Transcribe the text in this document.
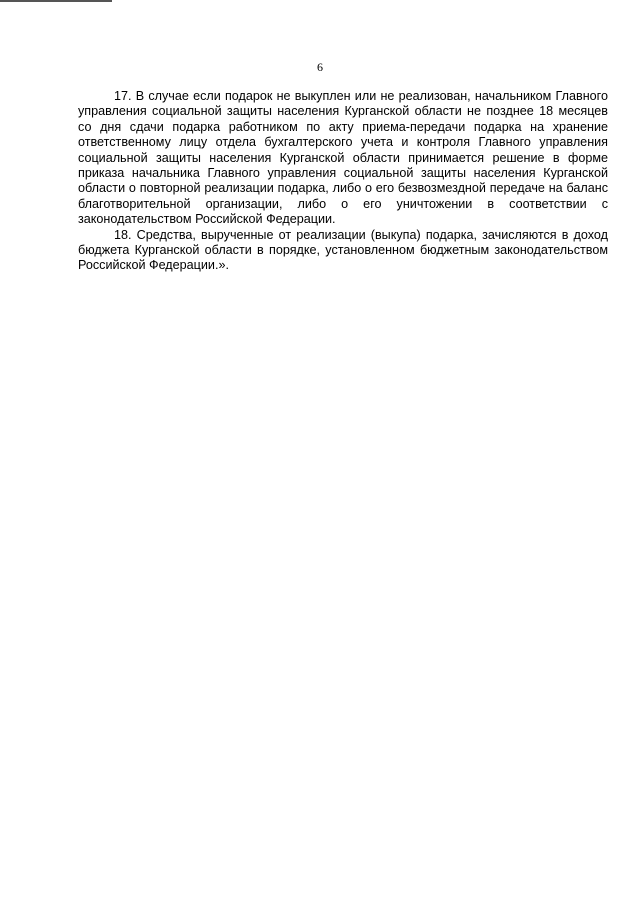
6

17. В случае если подарок не выкуплен или не реализован, начальником Главного управления социальной защиты населения Курганской области не позднее 18 месяцев со дня сдачи подарка работником по акту приема-передачи подарка на хранение ответственному лицу отдела бухгалтерского учета и контроля Главного управления социальной защиты населения Курганской области принимается решение в форме приказа начальника Главного управления социальной защиты населения Курганской области о повторной реализации подарка, либо о его безвозмездной передаче на баланс благотворительной организации, либо о его уничтожении в соответствии с законодательством Российской Федерации.

18. Средства, вырученные от реализации (выкупа) подарка, зачисляются в доход бюджета Курганской области в порядке, установленном бюджетным законодательством Российской Федерации.».
